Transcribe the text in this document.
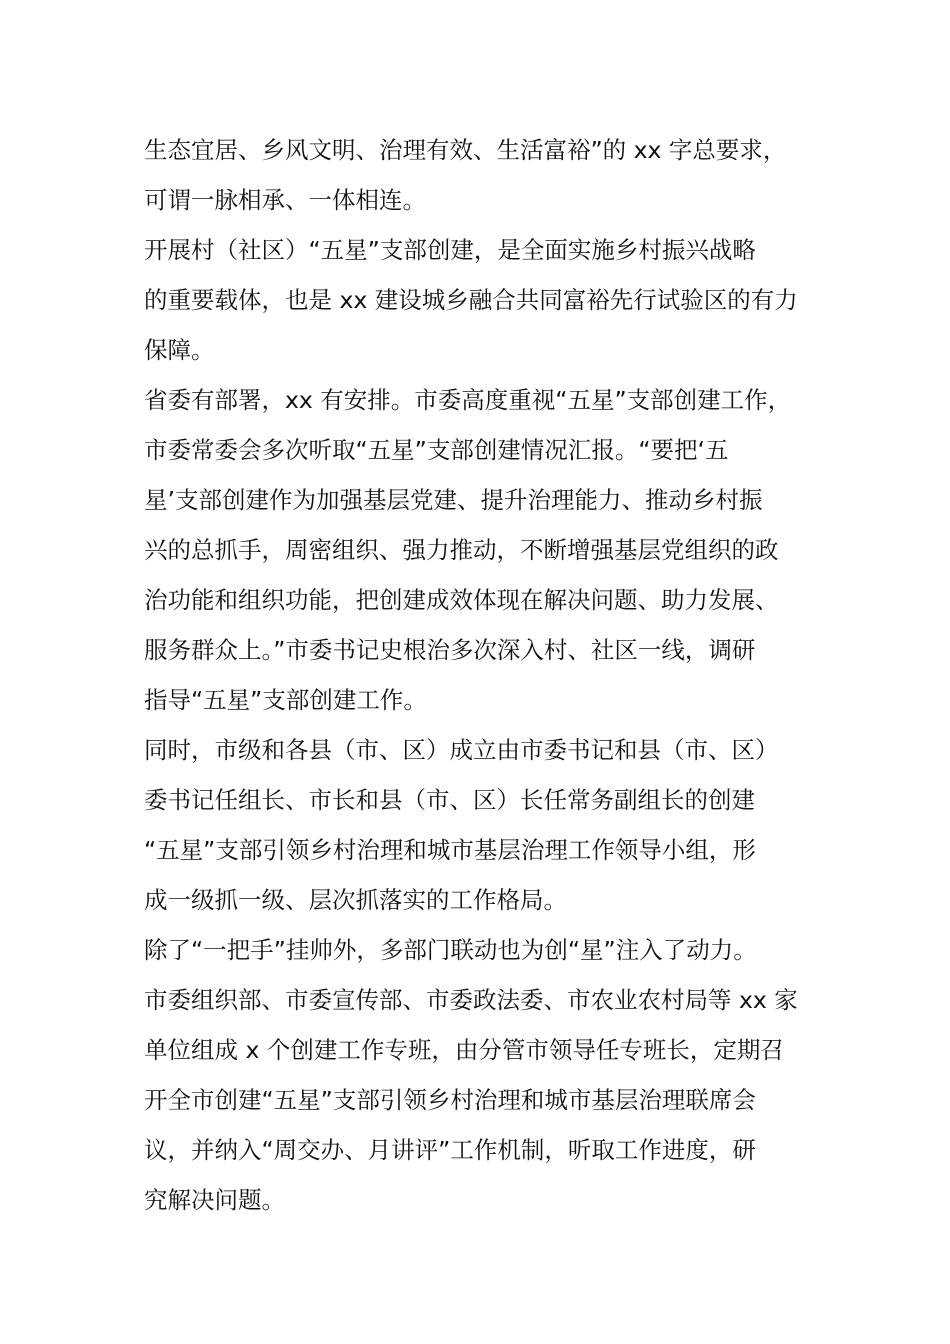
生态宜居、乡风文明、治理有效、生活富裕”的 xx 字总要求，
可谓一脉相承、一体相连。
开展村（社区）“五星”支部创建，是全面实施乡村振兴战略
的重要载体，也是 xx 建设城乡融合共同富裕先行试验区的有力
保障。
省委有部署，xx 有安排。市委高度重视“五星”支部创建工作，
市委常委会多次听取“五星”支部创建情况汇报。“要把‘五
星’支部创建作为加强基层党建、提升治理能力、推动乡村振
兴的总抓手，周密组织、强力推动，不断增强基层党组织的政
治功能和组织功能，把创建成效体现在解决问题、助力发展、
服务群众上。”市委书记史根治多次深入村、社区一线，调研
指导“五星”支部创建工作。
同时，市级和各县（市、区）成立由市委书记和县（市、区）
委书记任组长、市长和县（市、区）长任常务副组长的创建
“五星”支部引领乡村治理和城市基层治理工作领导小组，形
成一级抓一级、层次抓落实的工作格局。
除了“一把手”挂帅外，多部门联动也为创“星”注入了动力。
市委组织部、市委宣传部、市委政法委、市农业农村局等 xx 家
单位组成 x 个创建工作专班，由分管市领导任专班长，定期召
开全市创建“五星”支部引领乡村治理和城市基层治理联席会
议，并纳入“周交办、月讲评”工作机制，听取工作进度，研
究解决问题。
